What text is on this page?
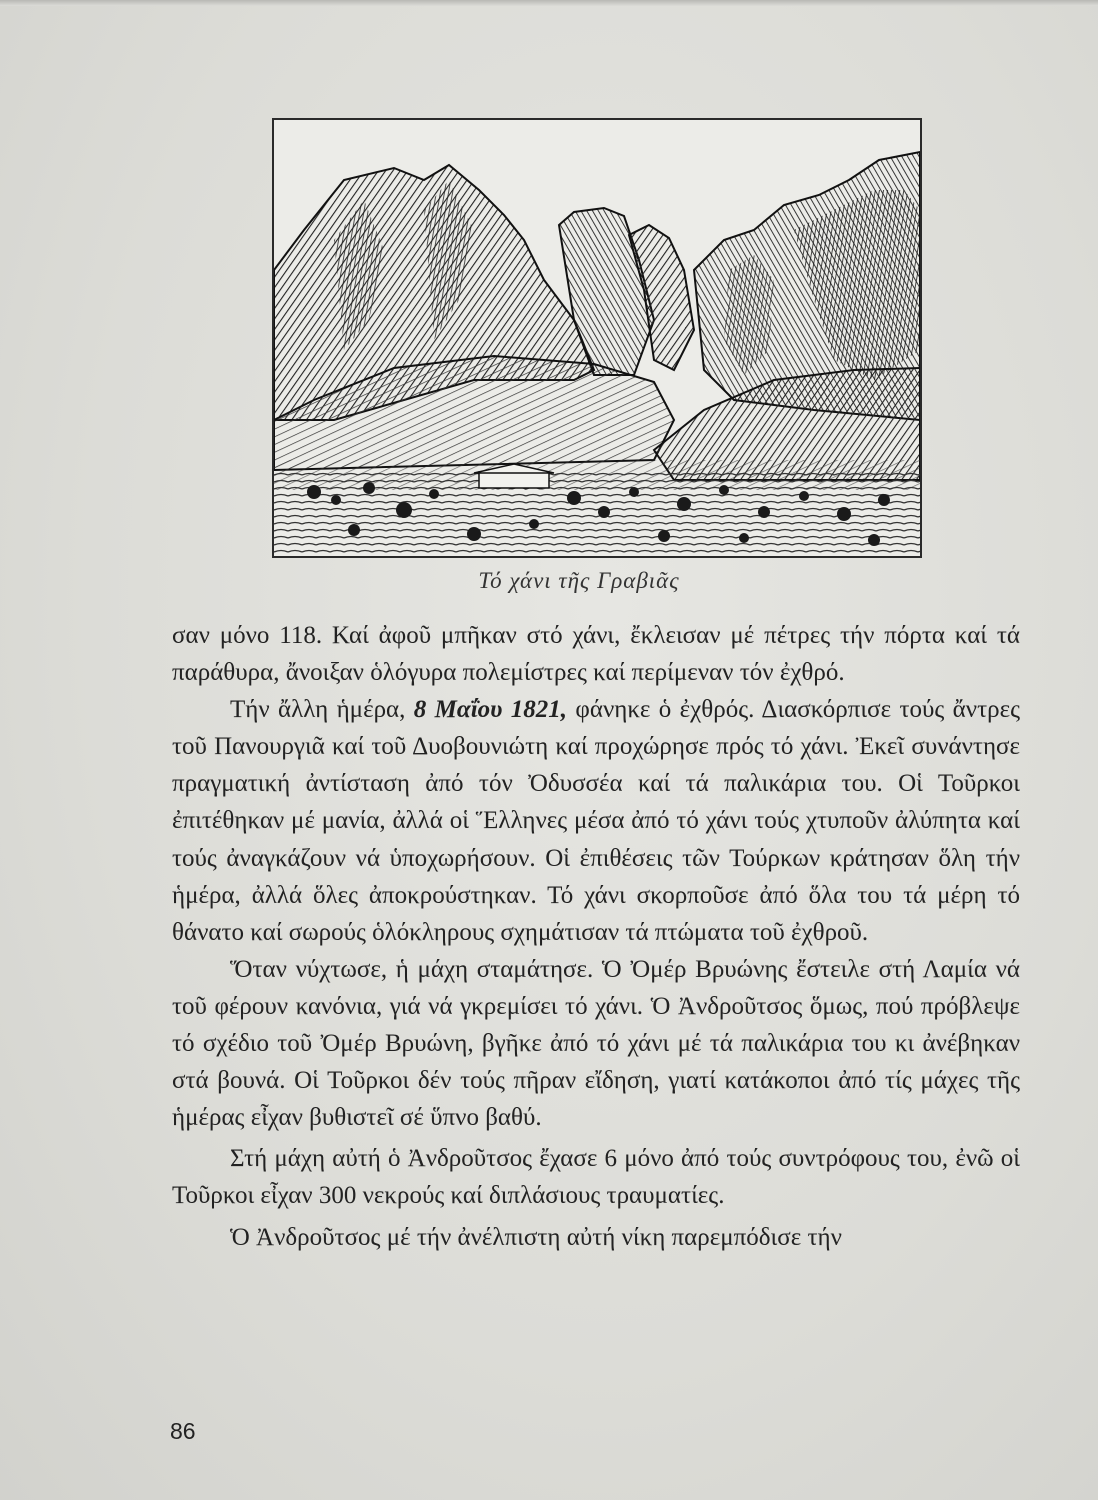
Τό χάνι τῆς Γραβιᾶς

σαν μόνο 118. Καί ἀφοῦ μπῆκαν στό χάνι, ἔκλεισαν μέ πέτρες τήν πόρτα καί τά παράθυρα, ἄνοιξαν ὁλόγυρα πολεμίστρες καί περίμεναν τόν ἐχθρό.

Τήν ἄλλη ἡμέρα, 8 Μαΐου 1821, φάνηκε ὁ ἐχθρός. Διασκόρπισε τούς ἄντρες τοῦ Πανουργιᾶ καί τοῦ Δυοβουνιώτη καί προχώρησε πρός τό χάνι. Ἐκεῖ συνάντησε πραγματική ἀντίσταση ἀπό τόν Ὀδυσσέα καί τά παλικάρια του. Οἱ Τοῦρκοι ἐπιτέθηκαν μέ μανία, ἀλλά οἱ Ἕλληνες μέσα ἀπό τό χάνι τούς χτυποῦν ἀλύπητα καί τούς ἀναγκάζουν νά ὑποχωρήσουν. Οἱ ἐπιθέσεις τῶν Τούρκων κράτησαν ὅλη τήν ἡμέρα, ἀλλά ὅλες ἀποκρούστηκαν. Τό χάνι σκορποῦσε ἀπό ὅλα του τά μέρη τό θάνατο καί σωρούς ὁλόκληρους σχημάτισαν τά πτώματα τοῦ ἐχθροῦ.

Ὅταν νύχτωσε, ἡ μάχη σταμάτησε. Ὁ Ὀμέρ Βρυώνης ἔστειλε στή Λαμία νά τοῦ φέρουν κανόνια, γιά νά γκρεμίσει τό χάνι. Ὁ Ἀνδροῦτσος ὅμως, πού πρόβλεψε τό σχέδιο τοῦ Ὀμέρ Βρυώνη, βγῆκε ἀπό τό χάνι μέ τά παλικάρια του κι ἀνέβηκαν στά βουνά. Οἱ Τοῦρκοι δέν τούς πῆραν εἴδηση, γιατί κατάκοποι ἀπό τίς μάχες τῆς ἡμέρας εἶχαν βυθιστεῖ σέ ὕπνο βαθύ.

Στή μάχη αὐτή ὁ Ἀνδροῦτσος ἔχασε 6 μόνο ἀπό τούς συντρόφους του, ἐνῶ οἱ Τοῦρκοι εἶχαν 300 νεκρούς καί διπλάσιους τραυματίες.

Ὁ Ἀνδροῦτσος μέ τήν ἀνέλπιστη αὐτή νίκη παρεμπόδισε τήν

86
